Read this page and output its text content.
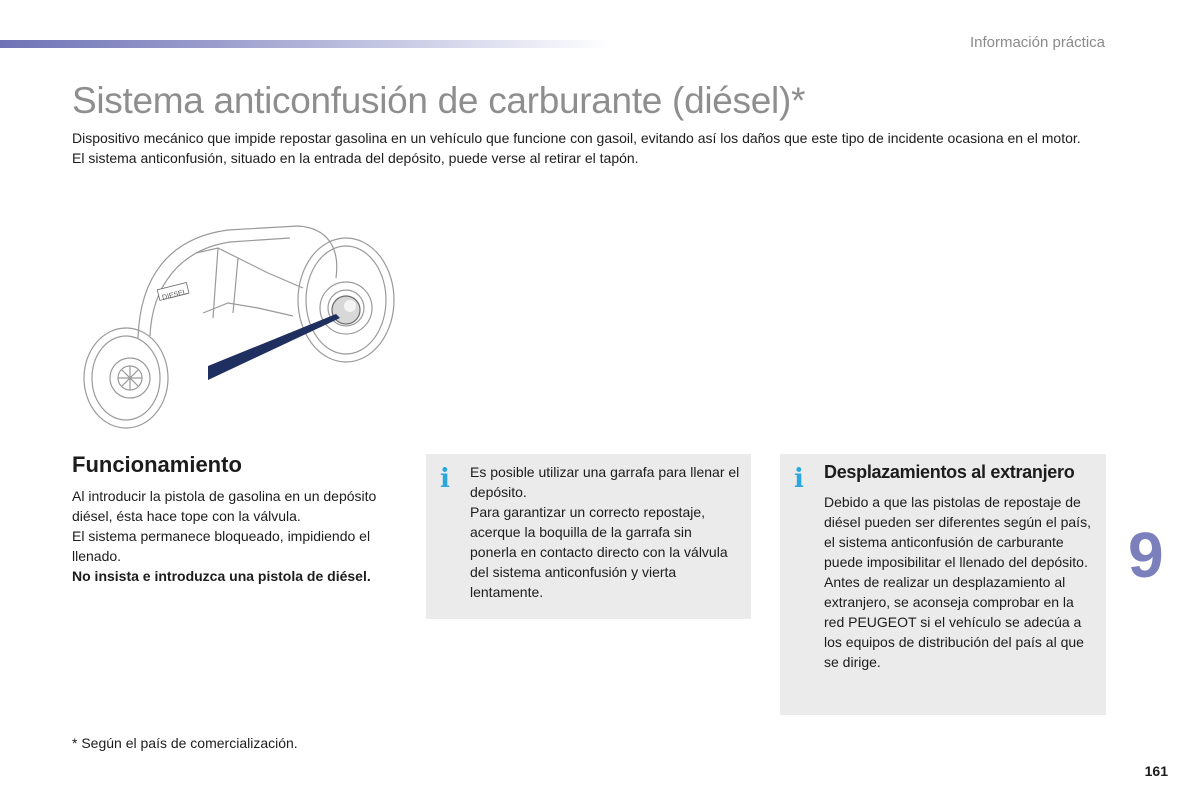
Información práctica
Sistema anticonfusión de carburante (diésel)*

Dispositivo mecánico que impide repostar gasolina en un vehículo que funcione con gasoil, evitando así los daños que este tipo de incidente ocasiona en el motor.

El sistema anticonfusión, situado en la entrada del depósito, puede verse al retirar el tapón.

DIESEL
Funcionamiento

Al introducir la pistola de gasolina en un depósito diésel, ésta hace tope con la válvula.

El sistema permanece bloqueado, impidiendo el llenado.

No insista e introduzca una pistola de diésel.

i Es posible utilizar una garrafa para llenar el depósito.

Para garantizar un correcto repostaje, acerque la boquilla de la garrafa sin ponerla en contacto directo con la válvula del sistema anticonfusión y vierta lentamente.

i Desplazamientos al extranjero

Debido a que las pistolas de repostaje de diésel pueden ser diferentes según el país, el sistema anticonfusión de carburante puede imposibilitar el llenado del depósito.

Antes de realizar un desplazamiento al extranjero, se aconseja comprobar en la red PEUGEOT si el vehículo se adecúa a los equipos de distribución del país al que se dirige.

9
* Según el país de comercialización.
161
